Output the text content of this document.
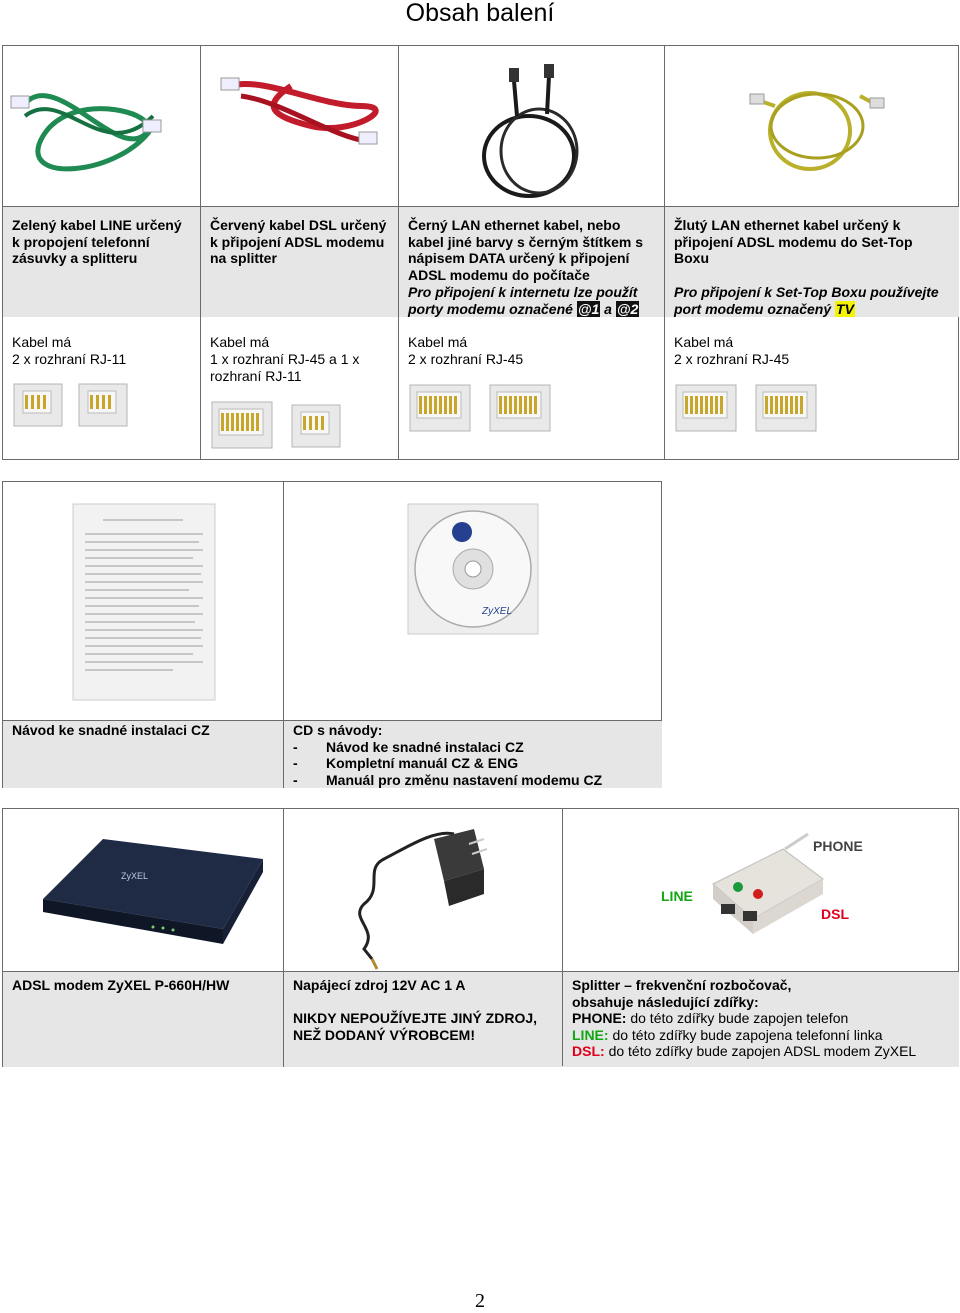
Obsah balení
Zelený kabel LINE určený k propojení telefonní zásuvky a splitteru
Kabel má
2 x rozhraní RJ-11
Červený kabel DSL určený k připojení ADSL modemu na splitter
Kabel má
1 x rozhraní RJ-45 a 1 x rozhraní RJ-11
Černý LAN ethernet kabel, nebo kabel jiné barvy s černým štítkem s nápisem DATA určený k připojení ADSL modemu do počítače
Pro připojení k internetu lze použít porty modemu označené @1 a @2
Kabel má
2 x rozhraní RJ-45
Žlutý LAN ethernet kabel určený k připojení ADSL modemu do Set-Top Boxu
Pro připojení k Set-Top Boxu používejte port modemu označený TV
Kabel má
2 x rozhraní RJ-45
Návod ke snadné instalaci CZ
ZyXEL
CD s návody:
- Návod ke snadné instalaci CZ
- Kompletní manuál CZ & ENG
- Manuál pro změnu nastavení modemu CZ
ZyXEL
ADSL modem ZyXEL P-660H/HW	Napájecí zdroj 12V AC 1 A
NIKDY NEPOUŽÍVEJTE JINÝ ZDROJ, NEŽ DODANÝ VÝROBCEM!
PHONE
LINE
DSL
Splitter – frekvenční rozbočovač, obsahuje následující zdířky:
PHONE: do této zdířky bude zapojen telefon
LINE: do této zdířky bude zapojena telefonní linka
DSL: do této zdířky bude zapojen ADSL modem ZyXEL
2
